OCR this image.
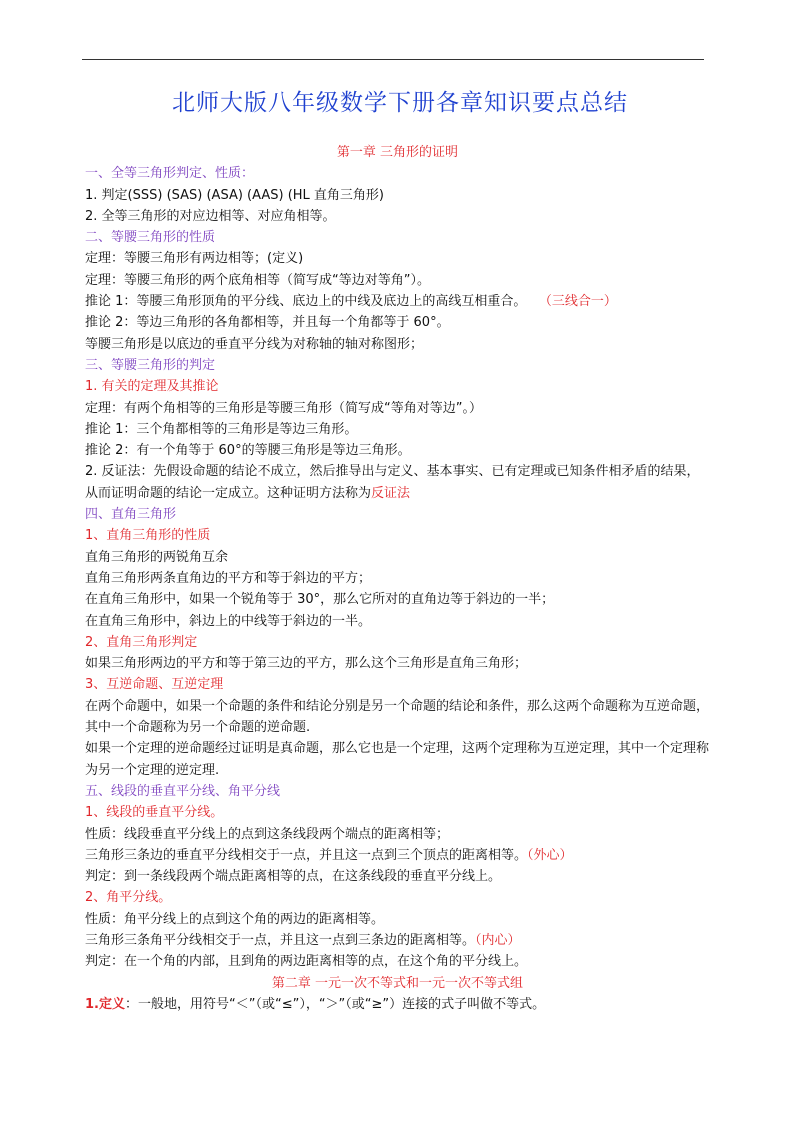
北师大版八年级数学下册各章知识要点总结
第一章 三角形的证明
一、全等三角形判定、性质：
1. 判定(SSS) (SAS) (ASA) (AAS) (HL 直角三角形)
2. 全等三角形的对应边相等、对应角相等。
二、等腰三角形的性质
定理：等腰三角形有两边相等；(定义)
定理：等腰三角形的两个底角相等（简写成“等边对等角”）。
推论 1：等腰三角形顶角的平分线、底边上的中线及底边上的高线互相重合。 （三线合一）
推论 2：等边三角形的各角都相等，并且每一个角都等于 60°。
等腰三角形是以底边的垂直平分线为对称轴的轴对称图形；
三、等腰三角形的判定
1. 有关的定理及其推论
定理：有两个角相等的三角形是等腰三角形（简写成“等角对等边”。）
推论 1：三个角都相等的三角形是等边三角形。
推论 2：有一个角等于 60°的等腰三角形是等边三角形。
2. 反证法：先假设命题的结论不成立，然后推导出与定义、基本事实、已有定理或已知条件相矛盾的结果，从而证明命题的结论一定成立。这种证明方法称为反证法
四、直角三角形
1、直角三角形的性质
直角三角形的两锐角互余
直角三角形两条直角边的平方和等于斜边的平方；
在直角三角形中，如果一个锐角等于 30°，那么它所对的直角边等于斜边的一半；
在直角三角形中，斜边上的中线等于斜边的一半。
2、直角三角形判定
如果三角形两边的平方和等于第三边的平方，那么这个三角形是直角三角形；
3、互逆命题、互逆定理
在两个命题中，如果一个命题的条件和结论分别是另一个命题的结论和条件，那么这两个命题称为互逆命题，其中一个命题称为另一个命题的逆命题.
如果一个定理的逆命题经过证明是真命题，那么它也是一个定理，这两个定理称为互逆定理，其中一个定理称为另一个定理的逆定理.
五、线段的垂直平分线、角平分线
1、线段的垂直平分线。
性质：线段垂直平分线上的点到这条线段两个端点的距离相等；
三角形三条边的垂直平分线相交于一点，并且这一点到三个顶点的距离相等。（外心）
判定：到一条线段两个端点距离相等的点，在这条线段的垂直平分线上。
2、角平分线。
性质：角平分线上的点到这个角的两边的距离相等。
三角形三条角平分线相交于一点，并且这一点到三条边的距离相等。（内心）
判定：在一个角的内部，且到角的两边距离相等的点，在这个角的平分线上。
第二章 一元一次不等式和一元一次不等式组
1.定义：一般地，用符号“＜”（或“≤”），“＞”（或“≥”）连接的式子叫做不等式。
